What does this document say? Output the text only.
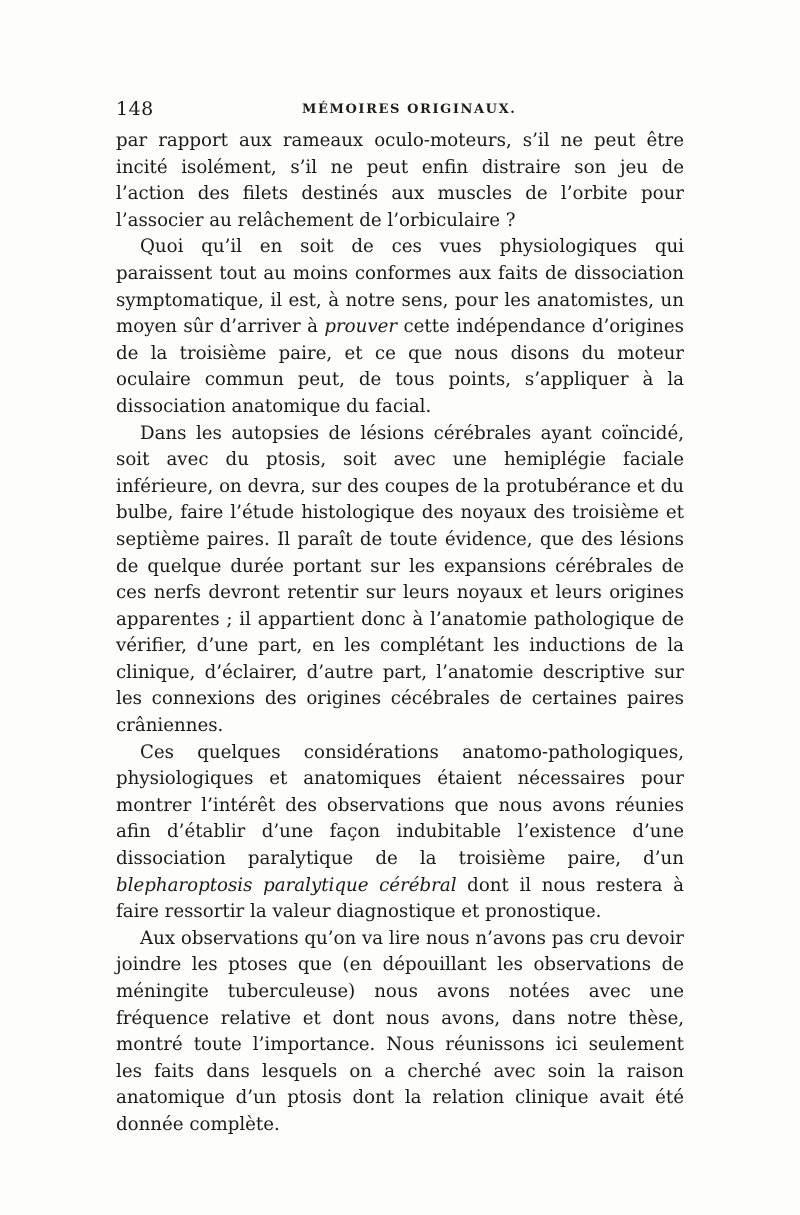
148	MÉMOIRES ORIGINAUX.

par rapport aux rameaux oculo-moteurs, s’il ne peut être incité isolément, s’il ne peut enfin distraire son jeu de l’action des filets destinés aux muscles de l’orbite pour l’associer au relâchement de l’orbiculaire ?

Quoi qu’il en soit de ces vues physiologiques qui paraissent tout au moins conformes aux faits de dissociation symptomatique, il est, à notre sens, pour les anatomistes, un moyen sûr d’arriver à prouver cette indépendance d’origines de la troisième paire, et ce que nous disons du moteur oculaire commun peut, de tous points, s’appliquer à la dissociation anatomique du facial.

Dans les autopsies de lésions cérébrales ayant coïncidé, soit avec du ptosis, soit avec une hemiplégie faciale inférieure, on devra, sur des coupes de la protubérance et du bulbe, faire l’étude histologique des noyaux des troisième et septième paires. Il paraît de toute évidence, que des lésions de quelque durée portant sur les expansions cérébrales de ces nerfs devront retentir sur leurs noyaux et leurs origines apparentes ; il appartient donc à l’anatomie pathologique de vérifier, d’une part, en les complétant les inductions de la clinique, d’éclairer, d’autre part, l’anatomie descriptive sur les connexions des origines cécébrales de certaines paires crâniennes.

Ces quelques considérations anatomo-pathologiques, physiologiques et anatomiques étaient nécessaires pour montrer l’intérêt des observations que nous avons réunies afin d’établir d’une façon indubitable l’existence d’une dissociation paralytique de la troisième paire, d’un blepharoptosis paralytique cérébral dont il nous restera à faire ressortir la valeur diagnostique et pronostique.

Aux observations qu’on va lire nous n’avons pas cru devoir joindre les ptoses que (en dépouillant les observations de méningite tuberculeuse) nous avons notées avec une fréquence relative et dont nous avons, dans notre thèse, montré toute l’importance. Nous réunissons ici seulement les faits dans lesquels on a cherché avec soin la raison anatomique d’un ptosis dont la relation clinique avait été donnée complète.
